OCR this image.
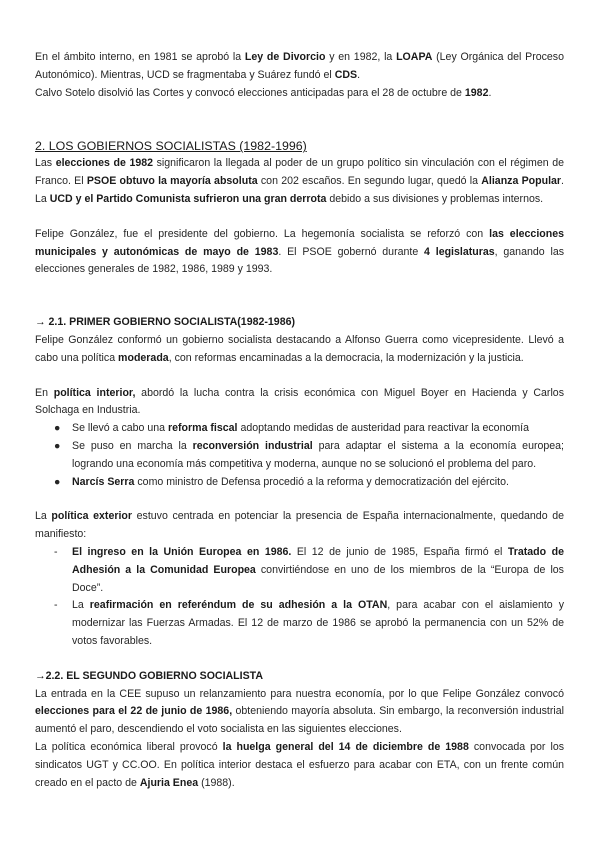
En el ámbito interno, en 1981 se aprobó la Ley de Divorcio y en 1982, la LOAPA (Ley Orgánica del Proceso Autonómico). Mientras, UCD se fragmentaba y Suárez fundó el CDS.

Calvo Sotelo disolvió las Cortes y convocó elecciones anticipadas para el 28 de octubre de 1982.

2. LOS GOBIERNOS SOCIALISTAS (1982-1996)

Las elecciones de 1982 significaron la llegada al poder de un grupo político sin vinculación con el régimen de Franco. El PSOE obtuvo la mayoría absoluta con 202 escaños. En segundo lugar, quedó la Alianza Popular. La UCD y el Partido Comunista sufrieron una gran derrota debido a sus divisiones y problemas internos.

Felipe González, fue el presidente del gobierno. La hegemonía socialista se reforzó con las elecciones municipales y autonómicas de mayo de 1983. El PSOE gobernó durante 4 legislaturas, ganando las elecciones generales de 1982, 1986, 1989 y 1993.

→ 2.1. PRIMER GOBIERNO SOCIALISTA(1982-1986)

Felipe González conformó un gobierno socialista destacando a Alfonso Guerra como vicepresidente. Llevó a cabo una política moderada, con reformas encaminadas a la democracia, la modernización y la justicia.

En política interior, abordó la lucha contra la crisis económica con Miguel Boyer en Hacienda y Carlos Solchaga en Industria.

● Se llevó a cabo una reforma fiscal adoptando medidas de austeridad para reactivar la economía
● Se puso en marcha la reconversión industrial para adaptar el sistema a la economía europea; logrando una economía más competitiva y moderna, aunque no se solucionó el problema del paro.
● Narcís Serra como ministro de Defensa procedió a la reforma y democratización del ejército.

La política exterior estuvo centrada en potenciar la presencia de España internacionalmente, quedando de manifiesto:

- El ingreso en la Unión Europea en 1986. El 12 de junio de 1985, España firmó el Tratado de Adhesión a la Comunidad Europea convirtiéndose en uno de los miembros de la “Europa de los Doce”.
- La reafirmación en referéndum de su adhesión a la OTAN, para acabar con el aislamiento y modernizar las Fuerzas Armadas. El 12 de marzo de 1986 se aprobó la permanencia con un 52% de votos favorables.
→2.2. EL SEGUNDO GOBIERNO SOCIALISTA

La entrada en la CEE supuso un relanzamiento para nuestra economía, por lo que Felipe González convocó elecciones para el 22 de junio de 1986, obteniendo mayoría absoluta. Sin embargo, la reconversión industrial aumentó el paro, descendiendo el voto socialista en las siguientes elecciones.

La política económica liberal provocó la huelga general del 14 de diciembre de 1988 convocada por los sindicatos UGT y CC.OO. En política interior destaca el esfuerzo para acabar con ETA, con un frente común creado en el pacto de Ajuria Enea (1988).
